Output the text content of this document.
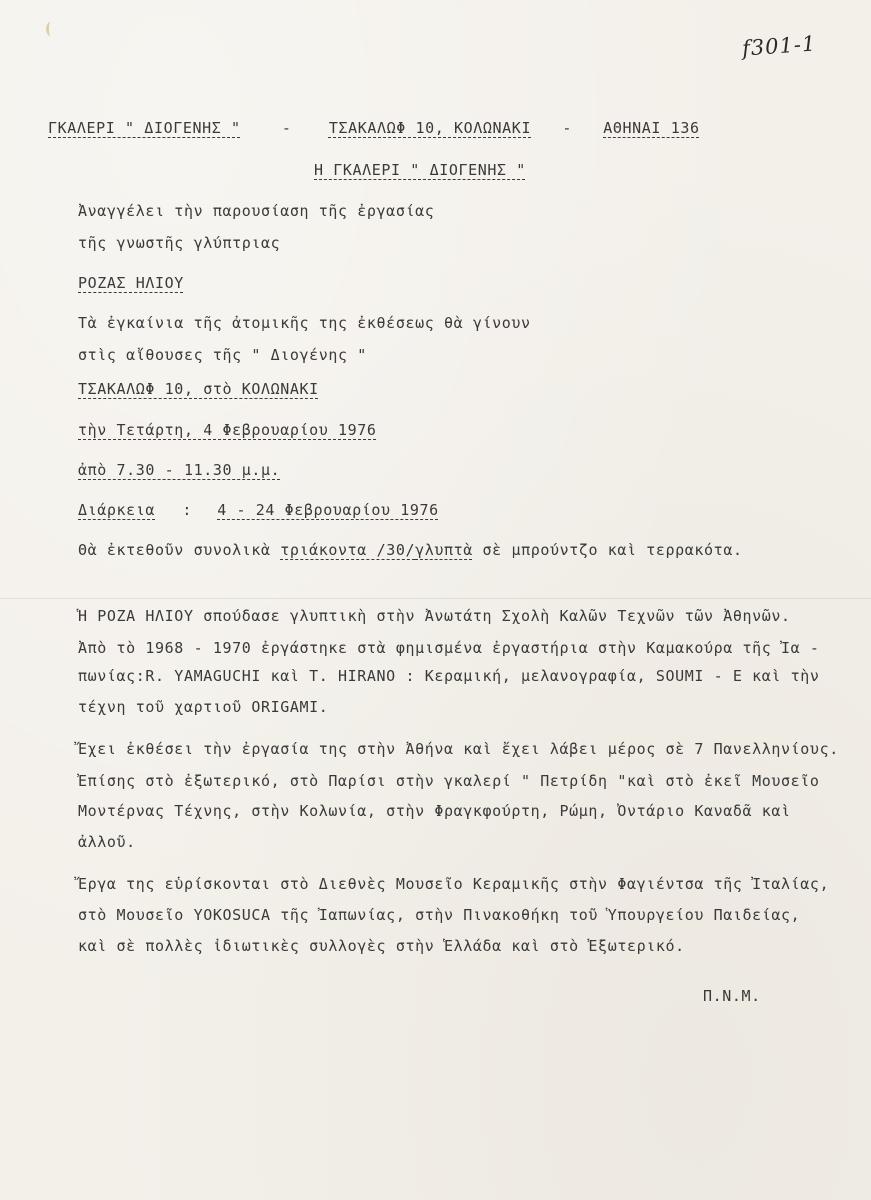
f301-1
ΓΚΑΛΕΡΙ " ΔΙΟΓΕΝΗΣ "	- ΤΣΑΚΑΛΩΦ 10, ΚΟΛΩΝΑΚΙ - ΑΘΗΝΑΙ 136
Η ΓΚΑΛΕΡΙ " ΔΙΟΓΕΝΗΣ "
Ἀναγγέλει τὴν παρουσίαση τῆς ἐργασίας
τῆς γνωστῆς γλύπτριας
ΡΟΖΑΣ ΗΛΙΟΥ
Τὰ ἐγκαίνια τῆς ἀτομικῆς της ἐκθέσεως θὰ γίνουν
στὶς αἴθουσες τῆς " Διογένης "
ΤΣΑΚΑΛΩΦ 10, στὸ ΚΟΛΩΝΑΚΙ
τὴν Τετάρτη, 4 Φεβρουαρίου 1976
ἀπὸ 7.30 - 11.30 μ.μ.
Διάρκεια : 4 - 24 Φεβρουαρίου 1976
Θὰ ἐκτεθοῦν συνολικὰ τριάκοντα /30/γλυπτὰ σὲ μπρούντζο καὶ τερρακότα.
Ἡ ΡΟΖΑ ΗΛΙΟΥ σπούδασε γλυπτικὴ στὴν Ἀνωτάτη Σχολὴ Καλῶν Τεχνῶν τῶν Ἀθηνῶν.
Ἀπὸ τὸ 1968 - 1970 ἐργάστηκε στὰ φημισμένα ἐργαστήρια στὴν Καμακούρα τῆς Ἰα -
πωνίας:R. YAMAGUCHI καὶ T. HIRANO : Κεραμική, μελανογραφία, SOUMI - E καὶ τὴν
τέχνη τοῦ χαρτιοῦ ORIGAMI.
Ἔχει ἐκθέσει τὴν ἐργασία της στὴν Ἀθήνα καὶ ἔχει λάβει μέρος σὲ 7 Πανελληνίους.
Ἐπίσης στὸ ἐξωτερικό, στὸ Παρίσι στὴν γκαλερί " Πετρίδη "καὶ στὸ ἐκεῖ Μουσεῖο
Μοντέρνας Τέχνης, στὴν Κολωνία, στὴν Φραγκφούρτη, Ρώμη, Ὀντάριο Καναδᾶ καὶ
ἀλλοῦ.
Ἔργα της εὑρίσκονται στὸ Διεθνὲς Μουσεῖο Κεραμικῆς στὴν Φαγιέντσα τῆς Ἰταλίας,
στὸ Μουσεῖο YOKOSUCA τῆς Ἰαπωνίας, στὴν Πινακοθήκη τοῦ Ὑπουργείου Παιδείας,
καὶ σὲ πολλὲς ἰδιωτικὲς συλλογὲς στὴν Ἑλλάδα καὶ στὸ Ἐξωτερικό.
Π.Ν.Μ.
